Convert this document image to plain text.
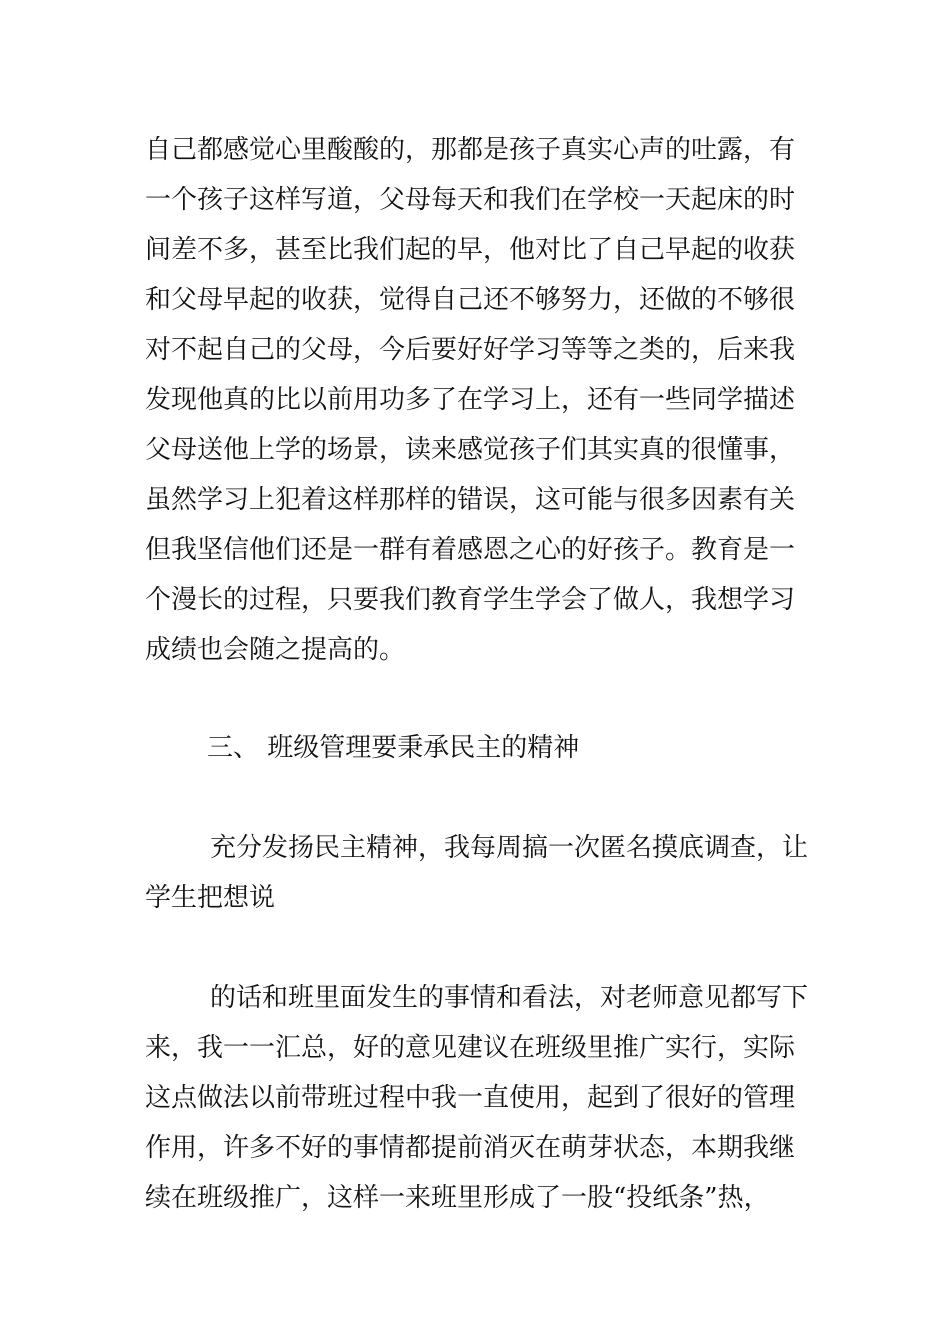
自己都感觉心里酸酸的，那都是孩子真实心声的吐露，有
一个孩子这样写道，父母每天和我们在学校一天起床的时
间差不多，甚至比我们起的早，他对比了自己早起的收获
和父母早起的收获，觉得自己还不够努力，还做的不够很
对不起自己的父母，今后要好好学习等等之类的，后来我
发现他真的比以前用功多了在学习上，还有一些同学描述
父母送他上学的场景，读来感觉孩子们其实真的很懂事，
虽然学习上犯着这样那样的错误，这可能与很多因素有关
但我坚信他们还是一群有着感恩之心的好孩子。教育是一
个漫长的过程，只要我们教育学生学会了做人，我想学习
成绩也会随之提高的。
三、 班级管理要秉承民主的精神
充分发扬民主精神，我每周搞一次匿名摸底调查，让
学生把想说
的话和班里面发生的事情和看法，对老师意见都写下
来，我一一汇总，好的意见建议在班级里推广实行，实际
这点做法以前带班过程中我一直使用，起到了很好的管理
作用，许多不好的事情都提前消灭在萌芽状态，本期我继
续在班级推广，这样一来班里形成了一股“投纸条”热，
